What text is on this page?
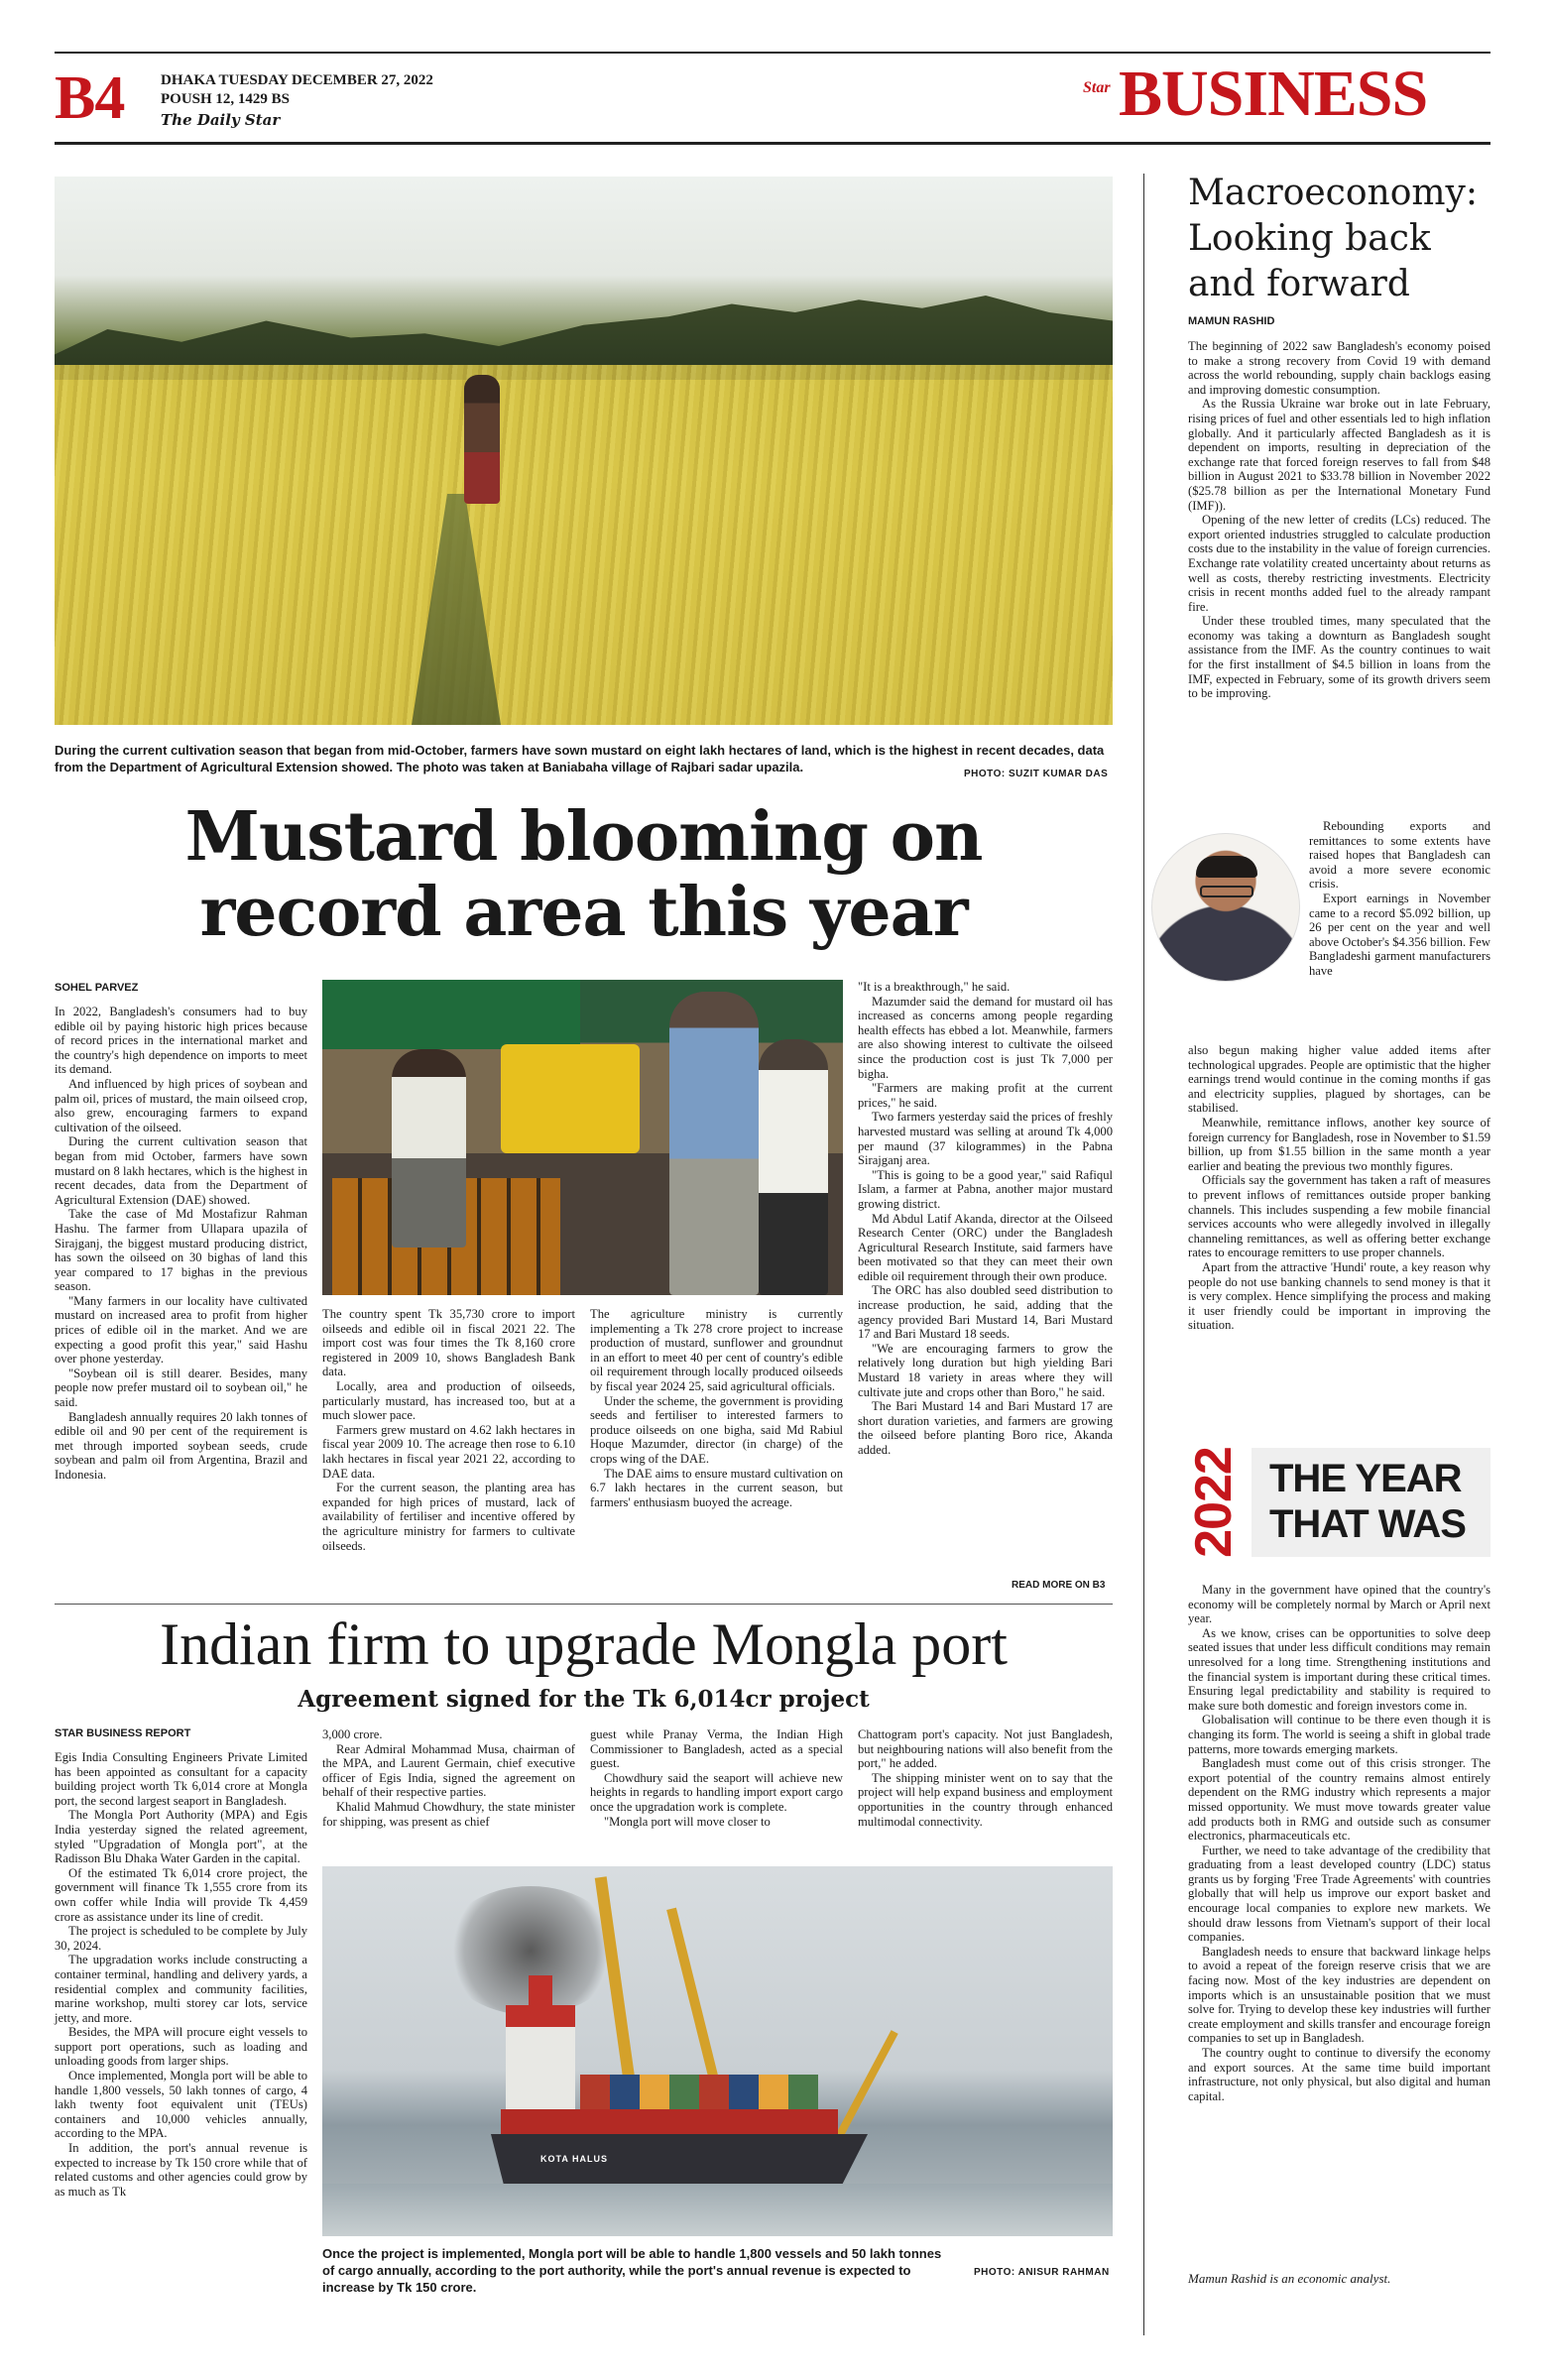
B4 DHAKA TUESDAY DECEMBER 27, 2022
POUSH 12, 1429 BS
The Daily Star
Star BUSINESS
During the current cultivation season that began from mid-October, farmers have sown mustard on eight lakh hectares of land, which is the highest in recent decades, data from the Department of Agricultural Extension showed. The photo was taken at Baniabaha village of Rajbari sadar upazila.	PHOTO: SUZIT KUMAR DAS
Mustard blooming on
record area this year
SOHEL PARVEZ

In 2022, Bangladesh's consumers had to buy edible oil by paying historic high prices because of record prices in the international market and the country's high dependence on imports to meet its demand.

And influenced by high prices of soybean and palm oil, prices of mustard, the main oilseed crop, also grew, encouraging farmers to expand cultivation of the oilseed.

During the current cultivation season that began from mid October, farmers have sown mustard on 8 lakh hectares, which is the highest in recent decades, data from the Department of Agricultural Extension (DAE) showed.

Take the case of Md Mostafizur Rahman Hashu. The farmer from Ullapara upazila of Sirajganj, the biggest mustard producing district, has sown the oilseed on 30 bighas of land this year compared to 17 bighas in the previous season.

"Many farmers in our locality have cultivated mustard on increased area to profit from higher prices of edible oil in the market. And we are expecting a good profit this year," said Hashu over phone yesterday.

"Soybean oil is still dearer. Besides, many people now prefer mustard oil to soybean oil," he said.

Bangladesh annually requires 20 lakh tonnes of edible oil and 90 per cent of the requirement is met through imported soybean seeds, crude soybean and palm oil from Argentina, Brazil and Indonesia.

The country spent Tk 35,730 crore to import oilseeds and edible oil in fiscal 2021 22. The import cost was four times the Tk 8,160 crore registered in 2009 10, shows Bangladesh Bank data.

Locally, area and production of oilseeds, particularly mustard, has increased too, but at a much slower pace.

Farmers grew mustard on 4.62 lakh hectares in fiscal year 2009 10. The acreage then rose to 6.10 lakh hectares in fiscal year 2021 22, according to DAE data.

For the current season, the planting area has expanded for high prices of mustard, lack of availability of fertiliser and incentive offered by the agriculture ministry for farmers to cultivate oilseeds.

The agriculture ministry is currently implementing a Tk 278 crore project to increase production of mustard, sunflower and groundnut in an effort to meet 40 per cent of country's edible oil requirement through locally produced oilseeds by fiscal year 2024 25, said agricultural officials.

Under the scheme, the government is providing seeds and fertiliser to interested farmers to produce oilseeds on one bigha, said Md Rabiul Hoque Mazumder, director (in charge) of the crops wing of the DAE.

The DAE aims to ensure mustard cultivation on 6.7 lakh hectares in the current season, but farmers' enthusiasm buoyed the acreage.

"It is a breakthrough," he said.

Mazumder said the demand for mustard oil has increased as concerns among people regarding health effects has ebbed a lot. Meanwhile, farmers are also showing interest to cultivate the oilseed since the production cost is just Tk 7,000 per bigha.

"Farmers are making profit at the current prices," he said.

Two farmers yesterday said the prices of freshly harvested mustard was selling at around Tk 4,000 per maund (37 kilogrammes) in the Pabna Sirajganj area.

"This is going to be a good year," said Rafiqul Islam, a farmer at Pabna, another major mustard growing district.

Md Abdul Latif Akanda, director at the Oilseed Research Center (ORC) under the Bangladesh Agricultural Research Institute, said farmers have been motivated so that they can meet their own edible oil requirement through their own produce.

The ORC has also doubled seed distribution to increase production, he said, adding that the agency provided Bari Mustard 14, Bari Mustard 17 and Bari Mustard 18 seeds.

"We are encouraging farmers to grow the relatively long duration but high yielding Bari Mustard 18 variety in areas where they will cultivate jute and crops other than Boro," he said.

The Bari Mustard 14 and Bari Mustard 17 are short duration varieties, and farmers are growing the oilseed before planting Boro rice, Akanda added.

READ MORE ON B3
Indian firm to upgrade Mongla port
Agreement signed for the Tk 6,014cr project
STAR BUSINESS REPORT

Egis India Consulting Engineers Private Limited has been appointed as consultant for a capacity building project worth Tk 6,014 crore at Mongla port, the second largest seaport in Bangladesh.

The Mongla Port Authority (MPA) and Egis India yesterday signed the related agreement, styled "Upgradation of Mongla port", at the Radisson Blu Dhaka Water Garden in the capital.

Of the estimated Tk 6,014 crore project, the government will finance Tk 1,555 crore from its own coffer while India will provide Tk 4,459 crore as assistance under its line of credit.

The project is scheduled to be complete by July 30, 2024.

The upgradation works include constructing a container terminal, handling and delivery yards, a residential complex and community facilities, marine workshop, multi storey car lots, service jetty, and more.

Besides, the MPA will procure eight vessels to support port operations, such as loading and unloading goods from larger ships.

Once implemented, Mongla port will be able to handle 1,800 vessels, 50 lakh tonnes of cargo, 4 lakh twenty foot equivalent unit (TEUs) containers and 10,000 vehicles annually, according to the MPA.

In addition, the port's annual revenue is expected to increase by Tk 150 crore while that of related customs and other agencies could grow by as much as Tk

3,000 crore.

Rear Admiral Mohammad Musa, chairman of the MPA, and Laurent Germain, chief executive officer of Egis India, signed the agreement on behalf of their respective parties.

Khalid Mahmud Chowdhury, the state minister for shipping, was present as chief

guest while Pranay Verma, the Indian High Commissioner to Bangladesh, acted as a special guest.

Chowdhury said the seaport will achieve new heights in regards to handling import export cargo once the upgradation work is complete.

"Mongla port will move closer to

Chattogram port's capacity. Not just Bangladesh, but neighbouring nations will also benefit from the port," he added.

The shipping minister went on to say that the project will help expand business and employment opportunities in the country through enhanced multimodal connectivity.

KOTA HALUS
Once the project is implemented, Mongla port will be able to handle 1,800 vessels and 50 lakh tonnes of cargo annually, according to the port authority, while the port's annual revenue is expected to increase by Tk 150 crore.
PHOTO: ANISUR RAHMAN
Macroeconomy:
Looking back
and forward
MAMUN RASHID

The beginning of 2022 saw Bangladesh's economy poised to make a strong recovery from Covid 19 with demand across the world rebounding, supply chain backlogs easing and improving domestic consumption.

As the Russia Ukraine war broke out in late February, rising prices of fuel and other essentials led to high inflation globally. And it particularly affected Bangladesh as it is dependent on imports, resulting in depreciation of the exchange rate that forced foreign reserves to fall from $48 billion in August 2021 to $33.78 billion in November 2022 ($25.78 billion as per the International Monetary Fund (IMF)).

Opening of the new letter of credits (LCs) reduced. The export oriented industries struggled to calculate production costs due to the instability in the value of foreign currencies. Exchange rate volatility created uncertainty about returns as well as costs, thereby restricting investments. Electricity crisis in recent months added fuel to the already rampant fire.

Under these troubled times, many speculated that the economy was taking a downturn as Bangladesh sought assistance from the IMF. As the country continues to wait for the first installment of $4.5 billion in loans from the IMF, expected in February, some of its growth drivers seem to be improving.

Rebounding exports and remittances to some extents have raised hopes that Bangladesh can avoid a more severe economic crisis.

Export earnings in November came to a record $5.092 billion, up 26 per cent on the year and well above October's $4.356 billion. Few Bangladeshi garment manufacturers have

also begun making higher value added items after technological upgrades. People are optimistic that the higher earnings trend would continue in the coming months if gas and electricity supplies, plagued by shortages, can be stabilised.

Meanwhile, remittance inflows, another key source of foreign currency for Bangladesh, rose in November to $1.59 billion, up from $1.55 billion in the same month a year earlier and beating the previous two monthly figures.

Officials say the government has taken a raft of measures to prevent inflows of remittances outside proper banking channels. This includes suspending a few mobile financial services accounts who were allegedly involved in illegally channeling remittances, as well as offering better exchange rates to encourage remitters to use proper channels.

Apart from the attractive 'Hundi' route, a key reason why people do not use banking channels to send money is that it is very complex. Hence simplifying the process and making it user friendly could be important in improving the situation.

2022 THE YEAR THAT WAS

Many in the government have opined that the country's economy will be completely normal by March or April next year.

As we know, crises can be opportunities to solve deep seated issues that under less difficult conditions may remain unresolved for a long time. Strengthening institutions and the financial system is important during these critical times. Ensuring legal predictability and stability is required to make sure both domestic and foreign investors come in.

Globalisation will continue to be there even though it is changing its form. The world is seeing a shift in global trade patterns, more towards emerging markets.

Bangladesh must come out of this crisis stronger. The export potential of the country remains almost entirely dependent on the RMG industry which represents a major missed opportunity. We must move towards greater value add products both in RMG and outside such as consumer electronics, pharmaceuticals etc.

Further, we need to take advantage of the credibility that graduating from a least developed country (LDC) status grants us by forging 'Free Trade Agreements' with countries globally that will help us improve our export basket and encourage local companies to explore new markets. We should draw lessons from Vietnam's support of their local companies.

Bangladesh needs to ensure that backward linkage helps to avoid a repeat of the foreign reserve crisis that we are facing now. Most of the key industries are dependent on imports which is an unsustainable position that we must solve for. Trying to develop these key industries will further create employment and skills transfer and encourage foreign companies to set up in Bangladesh.

The country ought to continue to diversify the economy and export sources. At the same time build important infrastructure, not only physical, but also digital and human capital.

Mamun Rashid is an economic analyst.
